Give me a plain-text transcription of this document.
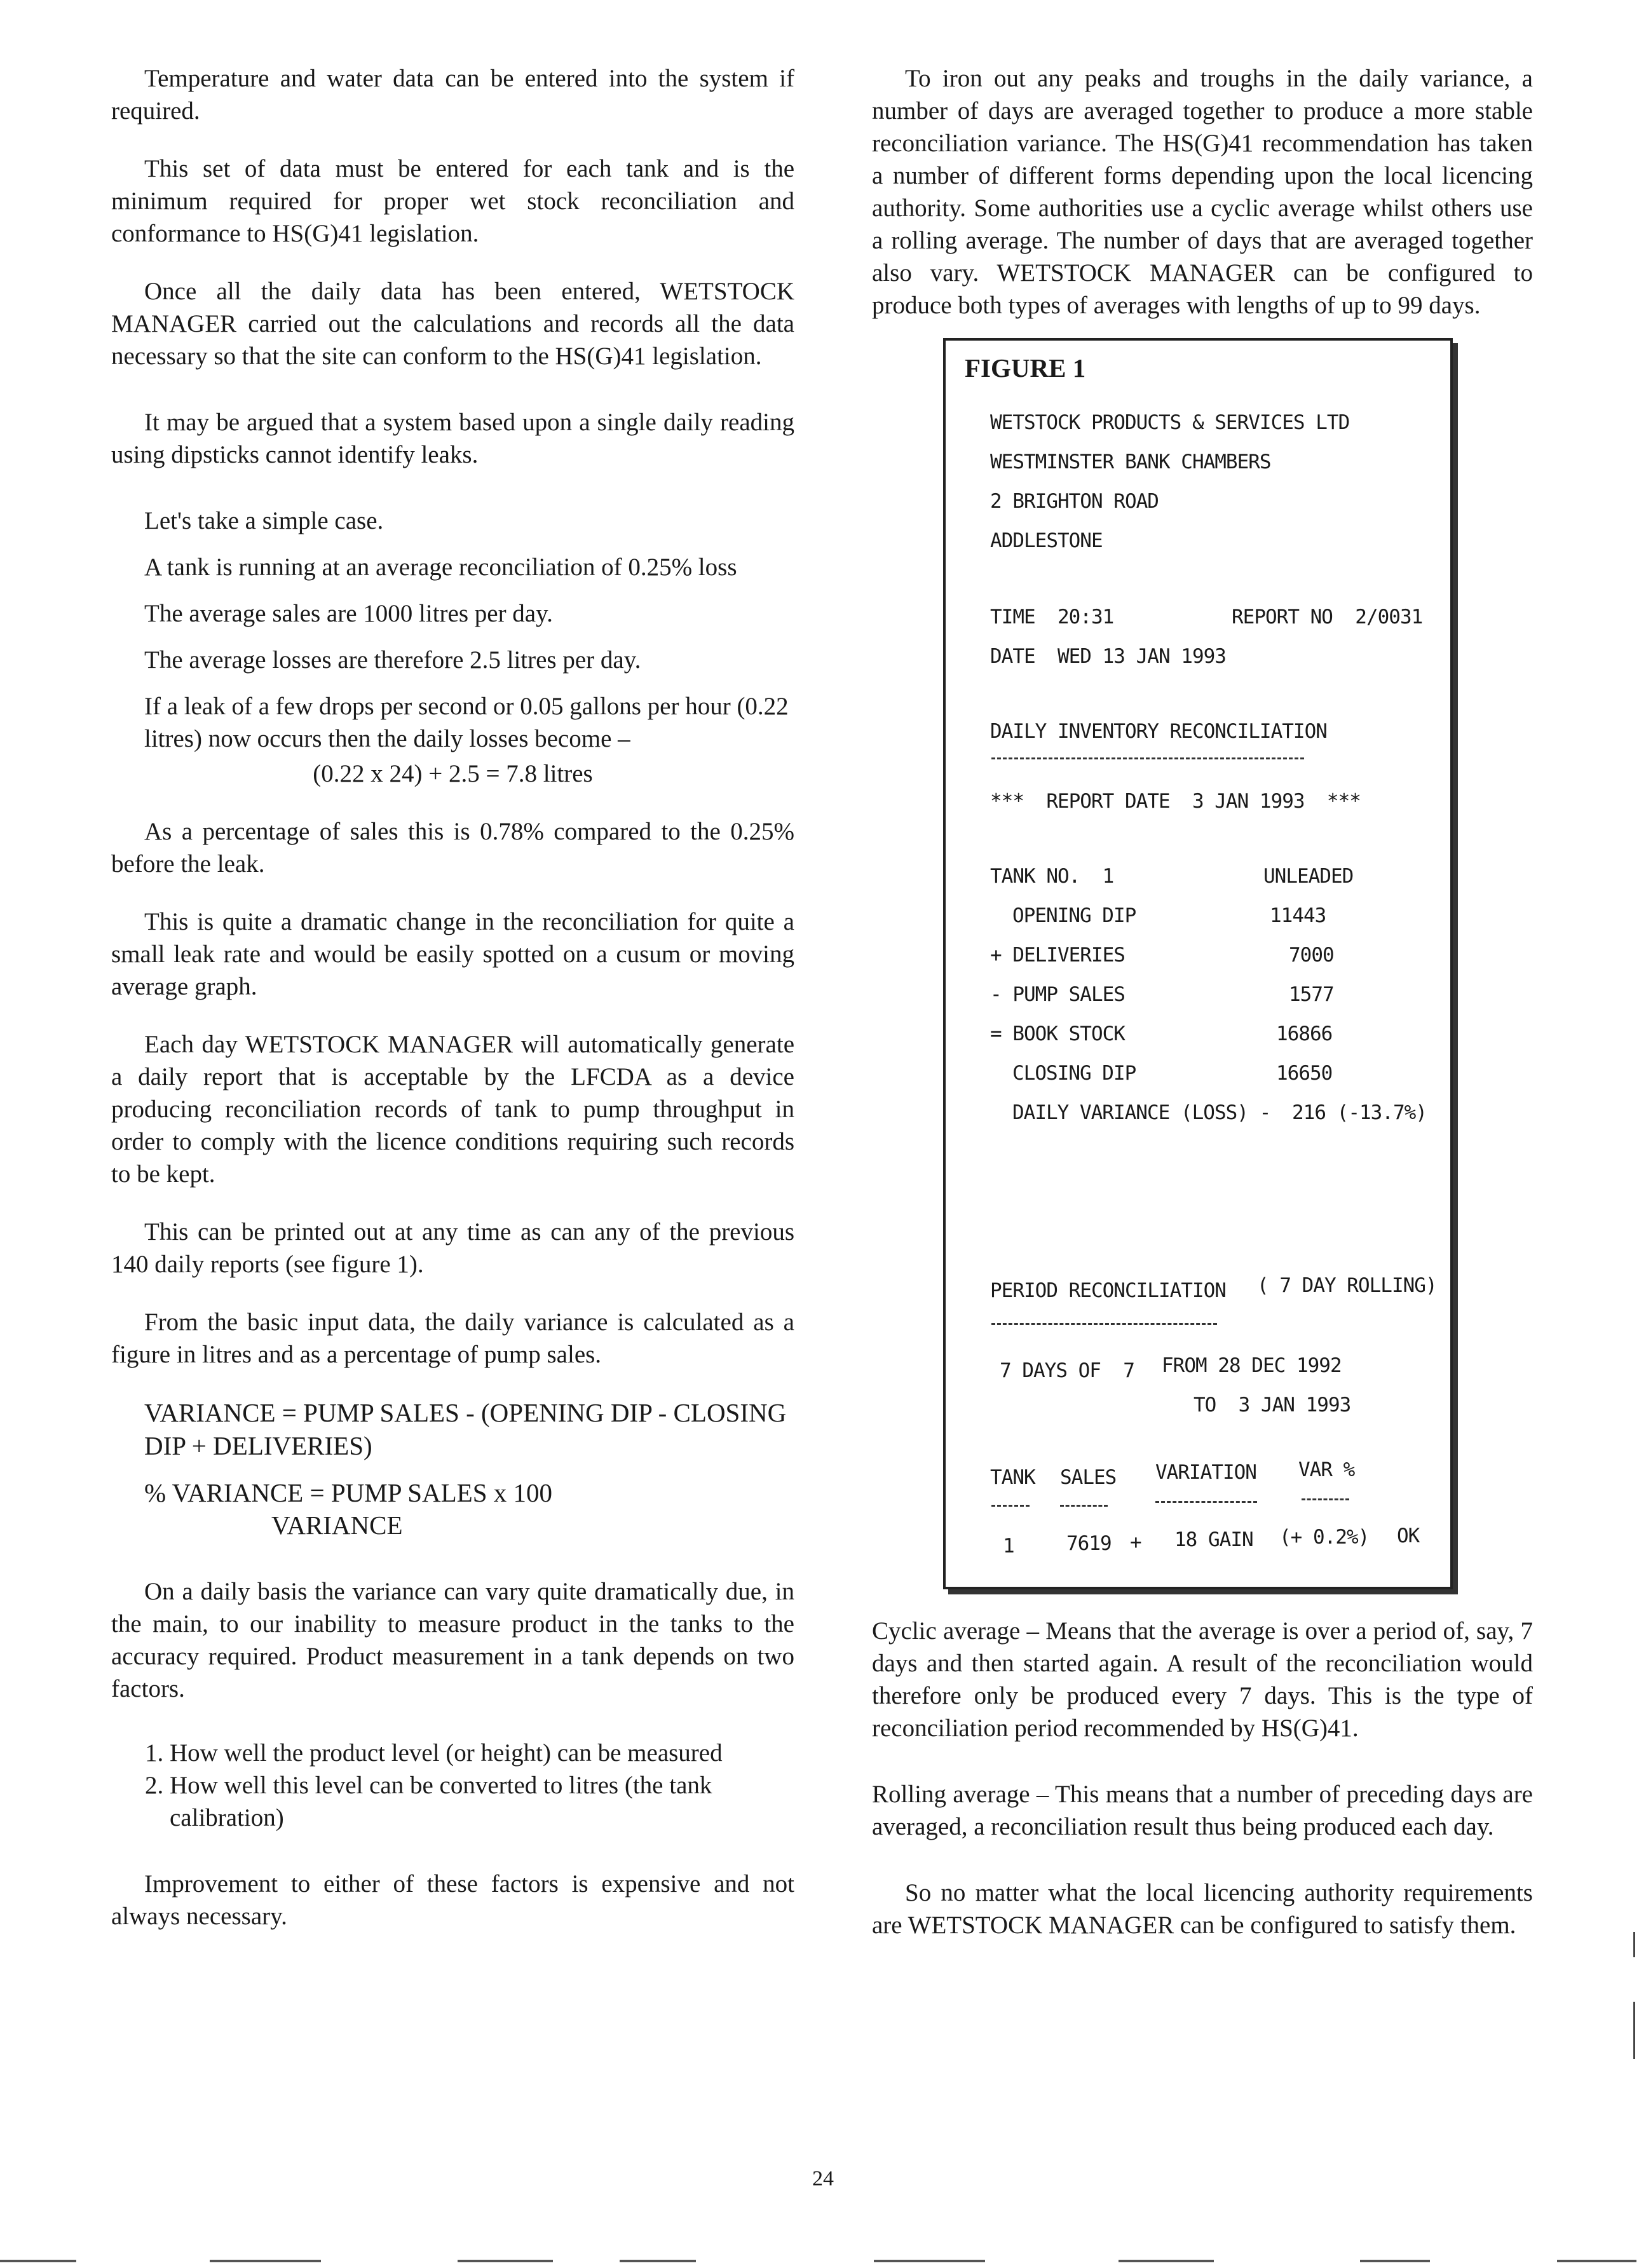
Temperature and water data can be entered into the system if required.

This set of data must be entered for each tank and is the minimum required for proper wet stock reconciliation and conformance to HS(G)41 legislation.

Once all the daily data has been entered, WETSTOCK MANAGER carried out the calculations and records all the data necessary so that the site can conform to the HS(G)41 legislation.

It may be argued that a system based upon a single daily reading using dipsticks cannot identify leaks.

Let's take a simple case.

A tank is running at an average reconciliation of 0.25% loss

The average sales are 1000 litres per day.

The average losses are therefore 2.5 litres per day.

If a leak of a few drops per second or 0.05 gallons per hour (0.22 litres) now occurs then the daily losses become –

(0.22 x 24) + 2.5 = 7.8 litres

As a percentage of sales this is 0.78% compared to the 0.25% before the leak.

This is quite a dramatic change in the reconciliation for quite a small leak rate and would be easily spotted on a cusum or moving average graph.

Each day WETSTOCK MANAGER will automatically generate a daily report that is acceptable by the LFCDA as a device producing reconciliation records of tank to pump throughput in order to comply with the licence conditions requiring such records to be kept.

This can be printed out at any time as can any of the previous 140 daily reports (see figure 1).

From the basic input data, the daily variance is calculated as a figure in litres and as a percentage of pump sales.

VARIANCE = PUMP SALES - (OPENING DIP - CLOSING DIP + DELIVERIES)

% VARIANCE = PUMP SALES x 100

VARIANCE

On a daily basis the variance can vary quite dramatically due, in the main, to our inability to measure product in the tanks to the accuracy required. Product measurement in a tank depends on two factors.

1. How well the product level (or height) can be measured
2. How well this level can be converted to litres (the tank calibration)

Improvement to either of these factors is expensive and not always necessary.

To iron out any peaks and troughs in the daily variance, a number of days are averaged together to produce a more stable reconciliation variance. The HS(G)41 recommendation has taken a number of different forms depending upon the local licencing authority. Some authorities use a cyclic average whilst others use a rolling average. The number of days that are averaged together also vary. WETSTOCK MANAGER can be configured to produce both types of averages with lengths of up to 99 days.

FIGURE 1
WETSTOCK PRODUCTS & SERVICES LTD
WESTMINSTER BANK CHAMBERS
2 BRIGHTON ROAD
ADDLESTONE
TIME  20:31	REPORT NO  2/0031
DATE  WED 13 JAN 1993
DAILY INVENTORY RECONCILIATION
***  REPORT DATE  3 JAN 1993  ***
TANK NO.  1	UNLEADED
OPENING DIP	11443
+ DELIVERIES	7000
- PUMP SALES	1577
= BOOK STOCK	16866
CLOSING DIP	16650
DAILY VARIANCE (LOSS) - 216 (-13.7%)
PERIOD RECONCILIATION ( 7 DAY ROLLING)
7 DAYS OF  7 FROM 28 DEC 1992
TO  3 JAN 1993
TANK SALES VARIATION VAR %
1	7619 + 18 GAIN (+ 0.2%) OK

Cyclic average – Means that the average is over a period of, say, 7 days and then started again. A result of the reconciliation would therefore only be produced every 7 days. This is the type of reconciliation period recommended by HS(G)41.

Rolling average – This means that a number of preceding days are averaged, a reconciliation result thus being produced each day.

So no matter what the local licencing authority requirements are WETSTOCK MANAGER can be configured to satisfy them.

24
